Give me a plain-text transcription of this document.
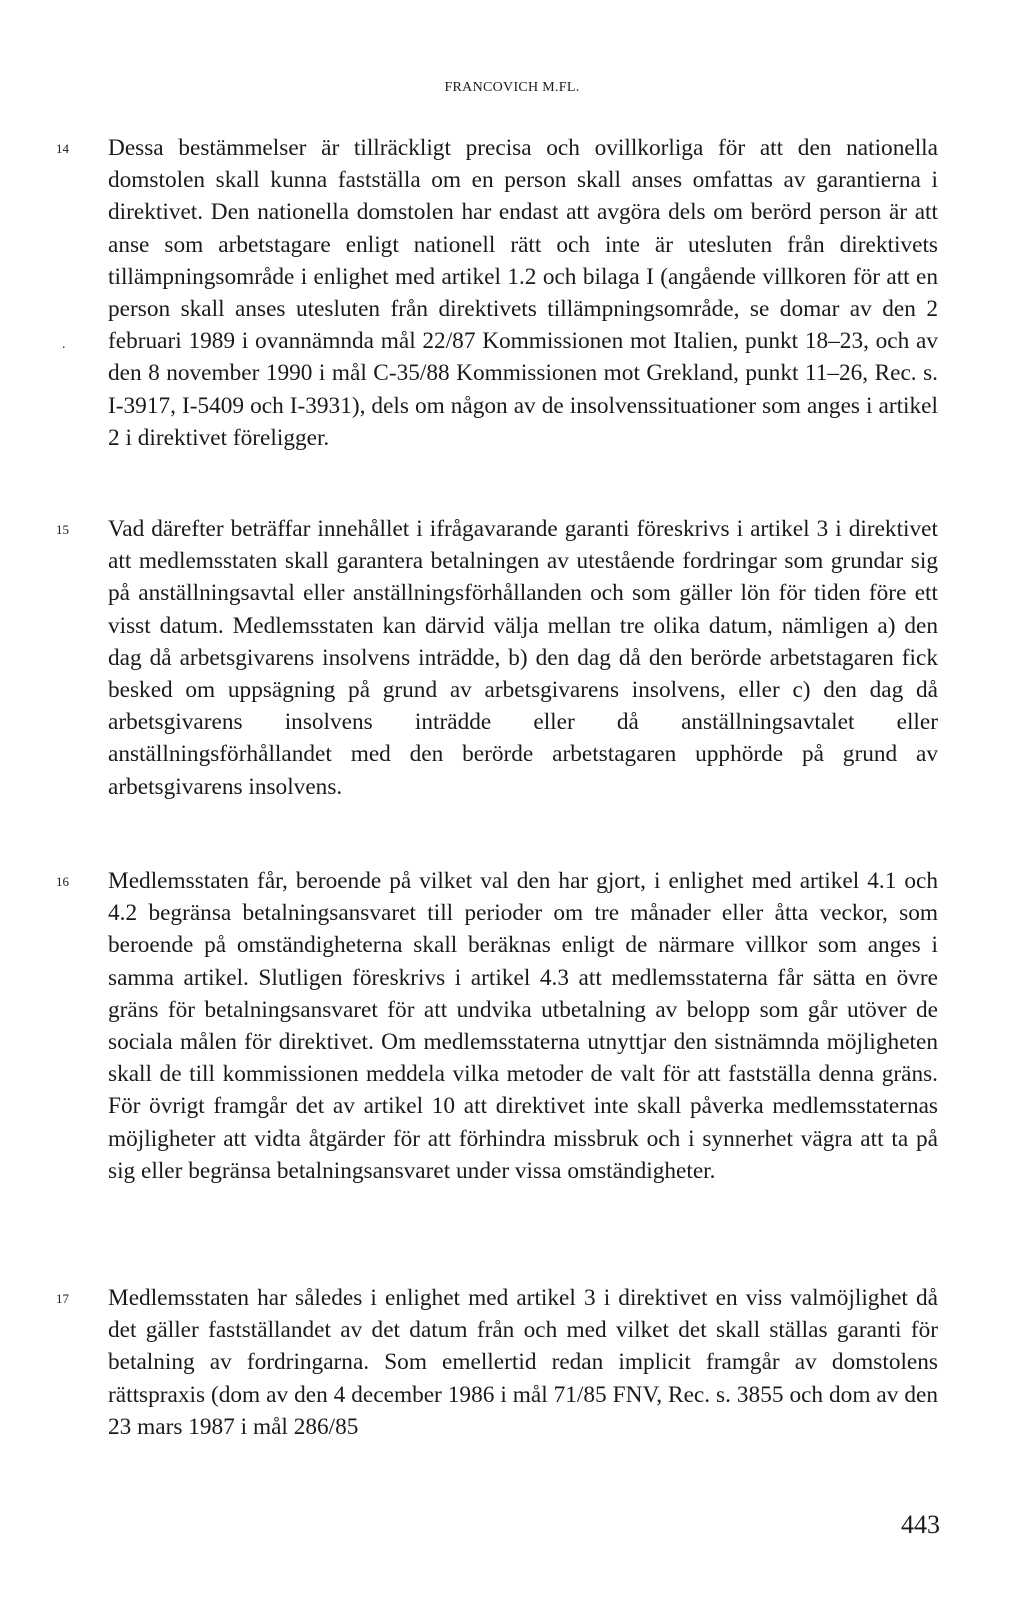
FRANCOVICH M.FL.
14 Dessa bestämmelser är tillräckligt precisa och ovillkorliga för att den nationella domstolen skall kunna fastställa om en person skall anses omfattas av garantierna i direktivet. Den nationella domstolen har endast att avgöra dels om berörd person är att anse som arbetstagare enligt nationell rätt och inte är utesluten från direktivets tillämpningsområde i enlighet med artikel 1.2 och bilaga I (angående villkoren för att en person skall anses utesluten från direktivets tillämpningsområde, se domar av den 2 februari 1989 i ovannämnda mål 22/87 Kommissionen mot Italien, punkt 18–23, och av den 8 november 1990 i mål C-35/88 Kommissionen mot Grekland, punkt 11–26, Rec. s. I-3917, I-5409 och I-3931), dels om någon av de insolvenssituationer som anges i artikel 2 i direktivet föreligger.

.
15 Vad därefter beträffar innehållet i ifrågavarande garanti föreskrivs i artikel 3 i direktivet att medlemsstaten skall garantera betalningen av utestående fordringar som grundar sig på anställningsavtal eller anställningsförhållanden och som gäller lön för tiden före ett visst datum. Medlemsstaten kan därvid välja mellan tre olika datum, nämligen a) den dag då arbetsgivarens insolvens inträdde, b) den dag då den berörde arbetstagaren fick besked om uppsägning på grund av arbetsgivarens insolvens, eller c) den dag då arbetsgivarens insolvens inträdde eller då anställningsavtalet eller anställningsförhållandet med den berörde arbetstagaren upphörde på grund av arbetsgivarens insolvens.

16 Medlemsstaten får, beroende på vilket val den har gjort, i enlighet med artikel 4.1 och 4.2 begränsa betalningsansvaret till perioder om tre månader eller åtta veckor, som beroende på omständigheterna skall beräknas enligt de närmare villkor som anges i samma artikel. Slutligen föreskrivs i artikel 4.3 att medlemsstaterna får sätta en övre gräns för betalningsansvaret för att undvika utbetalning av belopp som går utöver de sociala målen för direktivet. Om medlemsstaterna utnyttjar den sistnämnda möjligheten skall de till kommissionen meddela vilka metoder de valt för att fastställa denna gräns. För övrigt framgår det av artikel 10 att direktivet inte skall påverka medlemsstaternas möjligheter att vidta åtgärder för att förhindra missbruk och i synnerhet vägra att ta på sig eller begränsa betalningsansvaret under vissa omständigheter.

17 Medlemsstaten har således i enlighet med artikel 3 i direktivet en viss valmöjlighet då det gäller fastställandet av det datum från och med vilket det skall ställas garanti för betalning av fordringarna. Som emellertid redan implicit framgår av domstolens rättspraxis (dom av den 4 december 1986 i mål 71/85 FNV, Rec. s. 3855 och dom av den 23 mars 1987 i mål 286/85

443
